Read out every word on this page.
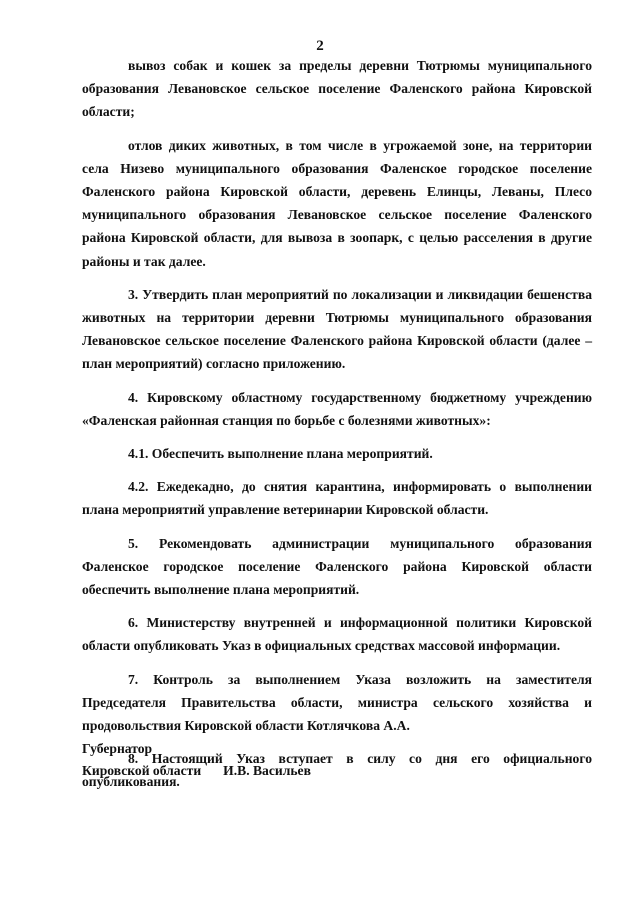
2

вывоз собак и кошек за пределы деревни Тютрюмы муниципального образования Левановское сельское поселение Фаленского района Кировской области;

отлов диких животных, в том числе в угрожаемой зоне, на территории села Низево муниципального образования Фаленское городское поселение Фаленского района Кировской области, деревень Елинцы, Леваны, Плесо муниципального образования Левановское сельское поселение Фаленского района Кировской области, для вывоза в зоопарк, с целью расселения в другие районы и так далее.

3. Утвердить план мероприятий по локализации и ликвидации бешенства животных на территории деревни Тютрюмы муниципального образования Левановское сельское поселение Фаленского района Кировской области (далее – план мероприятий) согласно приложению.

4. Кировскому областному государственному бюджетному учреждению «Фаленская районная станция по борьбе с болезнями животных»:

4.1. Обеспечить выполнение плана мероприятий.

4.2. Ежедекадно, до снятия карантина, информировать о выполнении плана мероприятий управление ветеринарии Кировской области.

5. Рекомендовать администрации муниципального образования Фаленское городское поселение Фаленского района Кировской области обеспечить выполнение плана мероприятий.

6. Министерству внутренней и информационной политики Кировской области опубликовать Указ в официальных средствах массовой информации.

7. Контроль за выполнением Указа возложить на заместителя Председателя Правительства области, министра сельского хозяйства и продовольствия Кировской области Котлячкова А.А.

8. Настоящий Указ вступает в силу со дня его официального опубликования.

Губернатор
Кировской области И.В. Васильев
